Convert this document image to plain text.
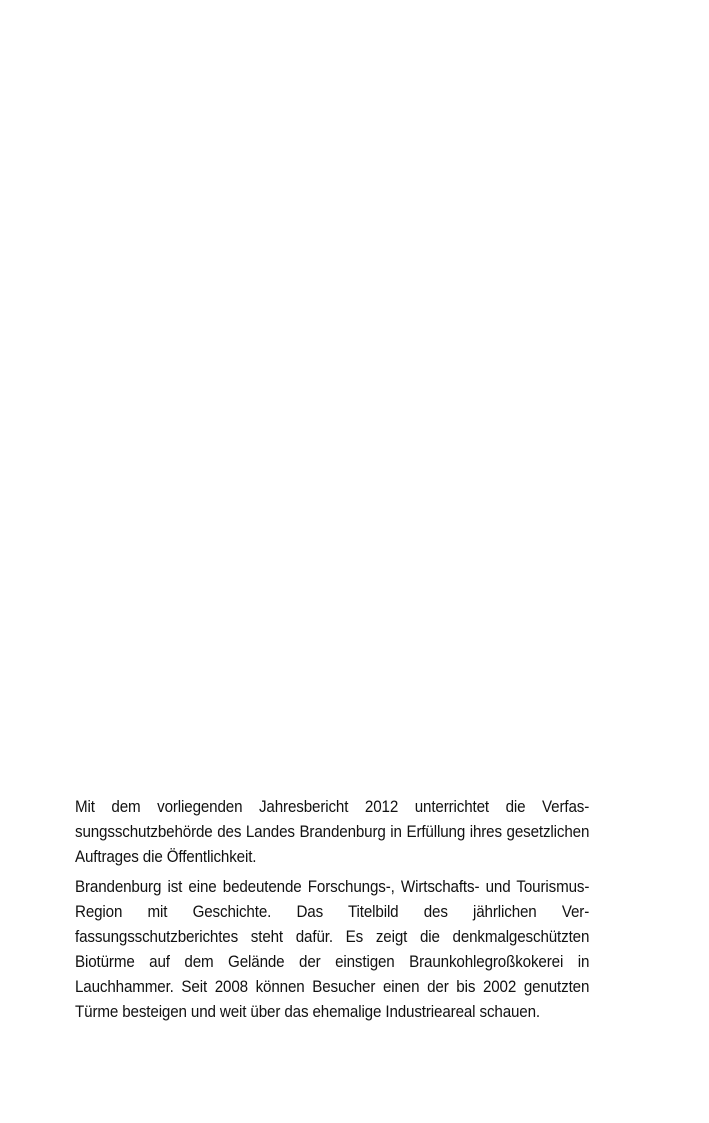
Mit dem vorliegenden Jahresbericht 2012 unterrichtet die Verfassungsschutzbehörde des Landes Brandenburg in Erfüllung ihres gesetzlichen Auftrages die Öffentlichkeit.

Brandenburg ist eine bedeutende Forschungs-, Wirtschafts- und Tourismus-Region mit Geschichte. Das Titelbild des jährlichen Verfassungsschutzberichtes steht dafür. Es zeigt die denkmalgeschützten Biotürme auf dem Gelände der einstigen Braunkohlegroßkokerei in Lauchhammer. Seit 2008 können Besucher einen der bis 2002 genutzten Türme besteigen und weit über das ehemalige Industrieareal schauen.
